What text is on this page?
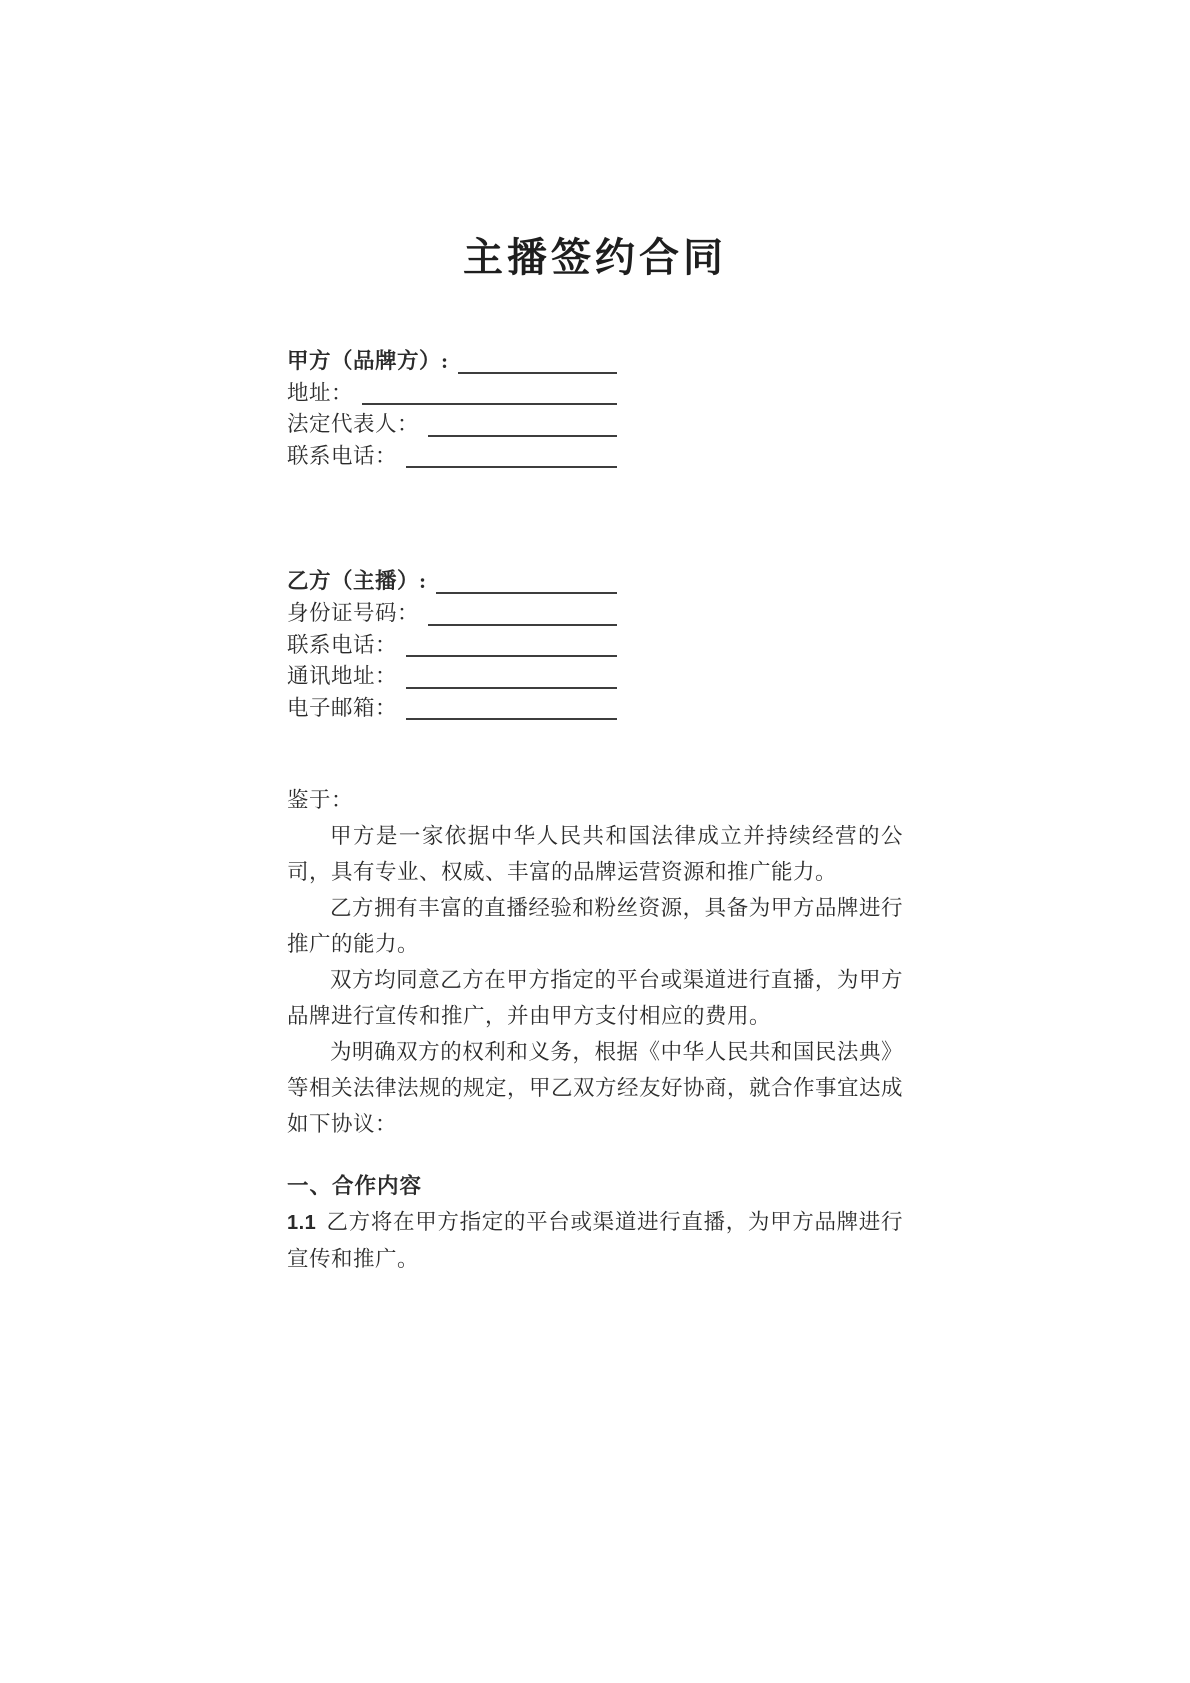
主播签约合同
甲方（品牌方）:
地址：
法定代表人：
联系电话：
乙方（主播）:
身份证号码：
联系电话：
通讯地址：
电子邮箱：

鉴于：

甲方是一家依据中华人民共和国法律成立并持续经营的公司，具有专业、权威、丰富的品牌运营资源和推广能力。

乙方拥有丰富的直播经验和粉丝资源，具备为甲方品牌进行推广的能力。

双方均同意乙方在甲方指定的平台或渠道进行直播，为甲方品牌进行宣传和推广，并由甲方支付相应的费用。

为明确双方的权利和义务，根据《中华人民共和国民法典》等相关法律法规的规定，甲乙双方经友好协商，就合作事宜达成如下协议：

一、合作内容

1.1 乙方将在甲方指定的平台或渠道进行直播，为甲方品牌进行宣传和推广。
